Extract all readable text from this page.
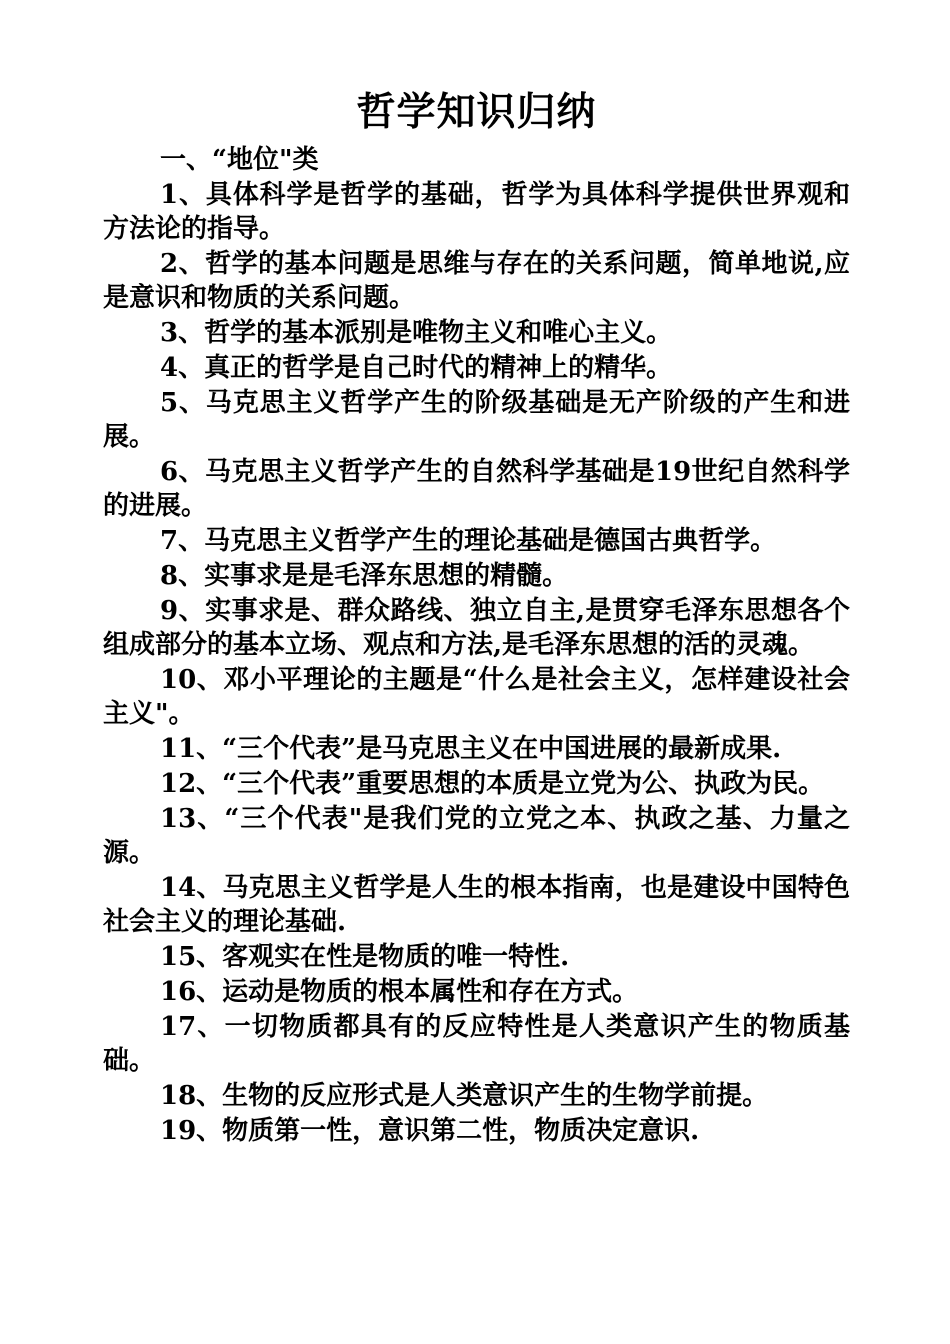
哲学知识归纳

一、“地位"类

1、具体科学是哲学的基础，哲学为具体科学提供世界观和方法论的指导。

2、哲学的基本问题是思维与存在的关系问题，简单地说,应是意识和物质的关系问题。

3、哲学的基本派别是唯物主义和唯心主义。

4、真正的哲学是自己时代的精神上的精华。

5、马克思主义哲学产生的阶级基础是无产阶级的产生和进展。

6、马克思主义哲学产生的自然科学基础是19世纪自然科学的进展。

7、马克思主义哲学产生的理论基础是德国古典哲学。

8、实事求是是毛泽东思想的精髓。

9、实事求是、群众路线、独立自主,是贯穿毛泽东思想各个组成部分的基本立场、观点和方法,是毛泽东思想的活的灵魂。

10、邓小平理论的主题是“什么是社会主义，怎样建设社会主义"。

11、“三个代表”是马克思主义在中国进展的最新成果.

12、“三个代表”重要思想的本质是立党为公、执政为民。

13、“三个代表"是我们党的立党之本、执政之基、力量之源。

14、马克思主义哲学是人生的根本指南，也是建设中国特色社会主义的理论基础.

15、客观实在性是物质的唯一特性.

16、运动是物质的根本属性和存在方式。

17、一切物质都具有的反应特性是人类意识产生的物质基础。

18、生物的反应形式是人类意识产生的生物学前提。

19、物质第一性，意识第二性，物质决定意识.
